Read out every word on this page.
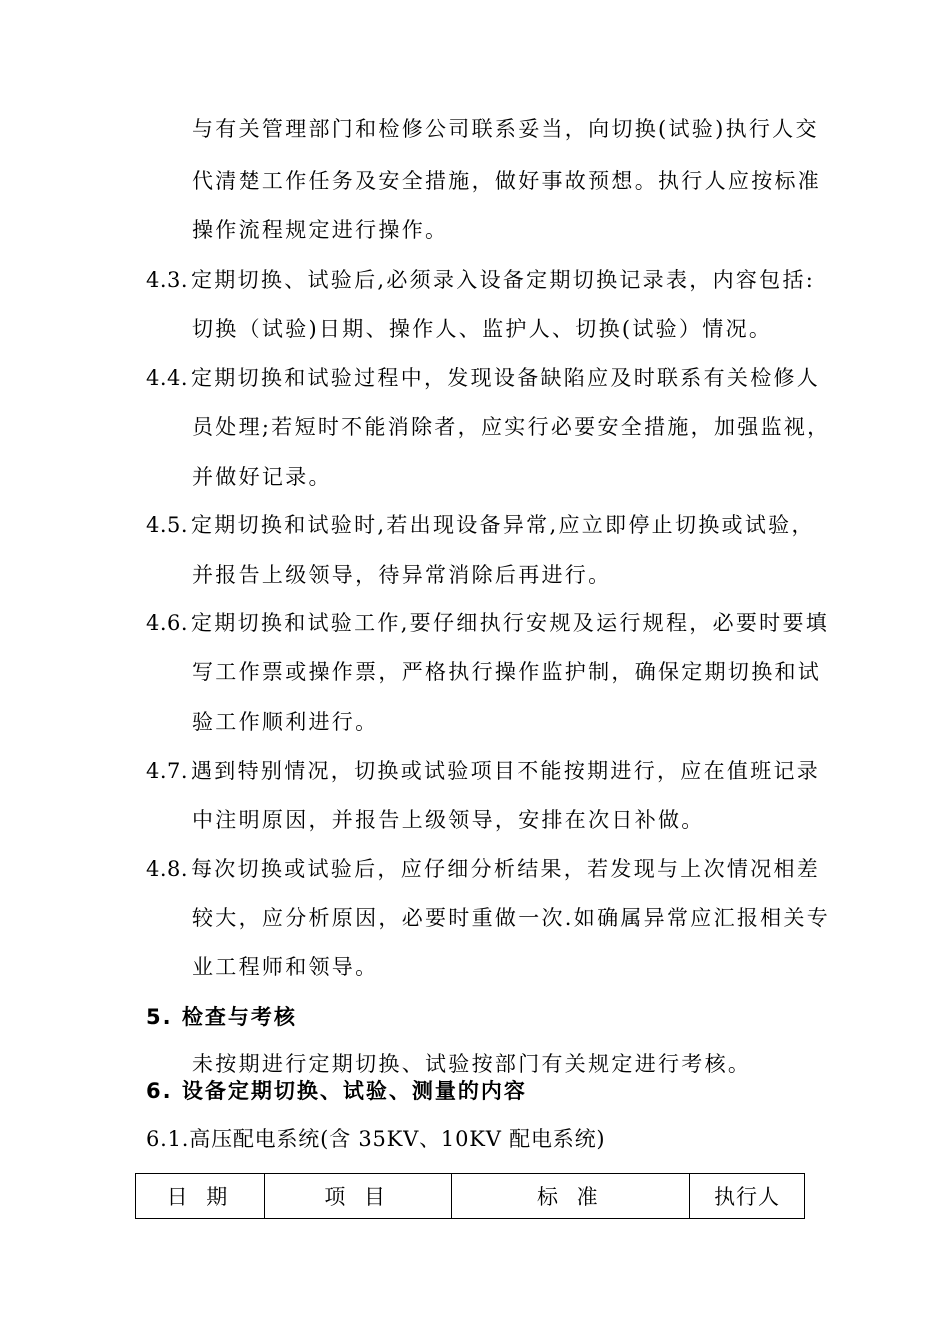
与有关管理部门和检修公司联系妥当，向切换(试验)执行人交
代清楚工作任务及安全措施，做好事故预想。执行人应按标准
操作流程规定进行操作。
4.3. 定期切换、试验后,必须录入设备定期切换记录表，内容包括:
切换（试验)日期、操作人、监护人、切换(试验）情况。
4.4. 定期切换和试验过程中，发现设备缺陷应及时联系有关检修人
员处理;若短时不能消除者，应实行必要安全措施，加强监视，
并做好记录。
4.5. 定期切换和试验时,若出现设备异常,应立即停止切换或试验，
并报告上级领导，待异常消除后再进行。
4.6. 定期切换和试验工作,要仔细执行安规及运行规程，必要时要填
写工作票或操作票，严格执行操作监护制，确保定期切换和试
验工作顺利进行。
4.7. 遇到特别情况，切换或试验项目不能按期进行，应在值班记录
中注明原因，并报告上级领导，安排在次日补做。
4.8. 每次切换或试验后，应仔细分析结果，若发现与上次情况相差
较大，应分析原因，必要时重做一次.如确属异常应汇报相关专
业工程师和领导。
5. 检查与考核
未按期进行定期切换、试验按部门有关规定进行考核。
6. 设备定期切换、试验、测量的内容
6.1.高压配电系统(含 35KV、10KV 配电系统)
日 期	项 目	标 准	执行人
